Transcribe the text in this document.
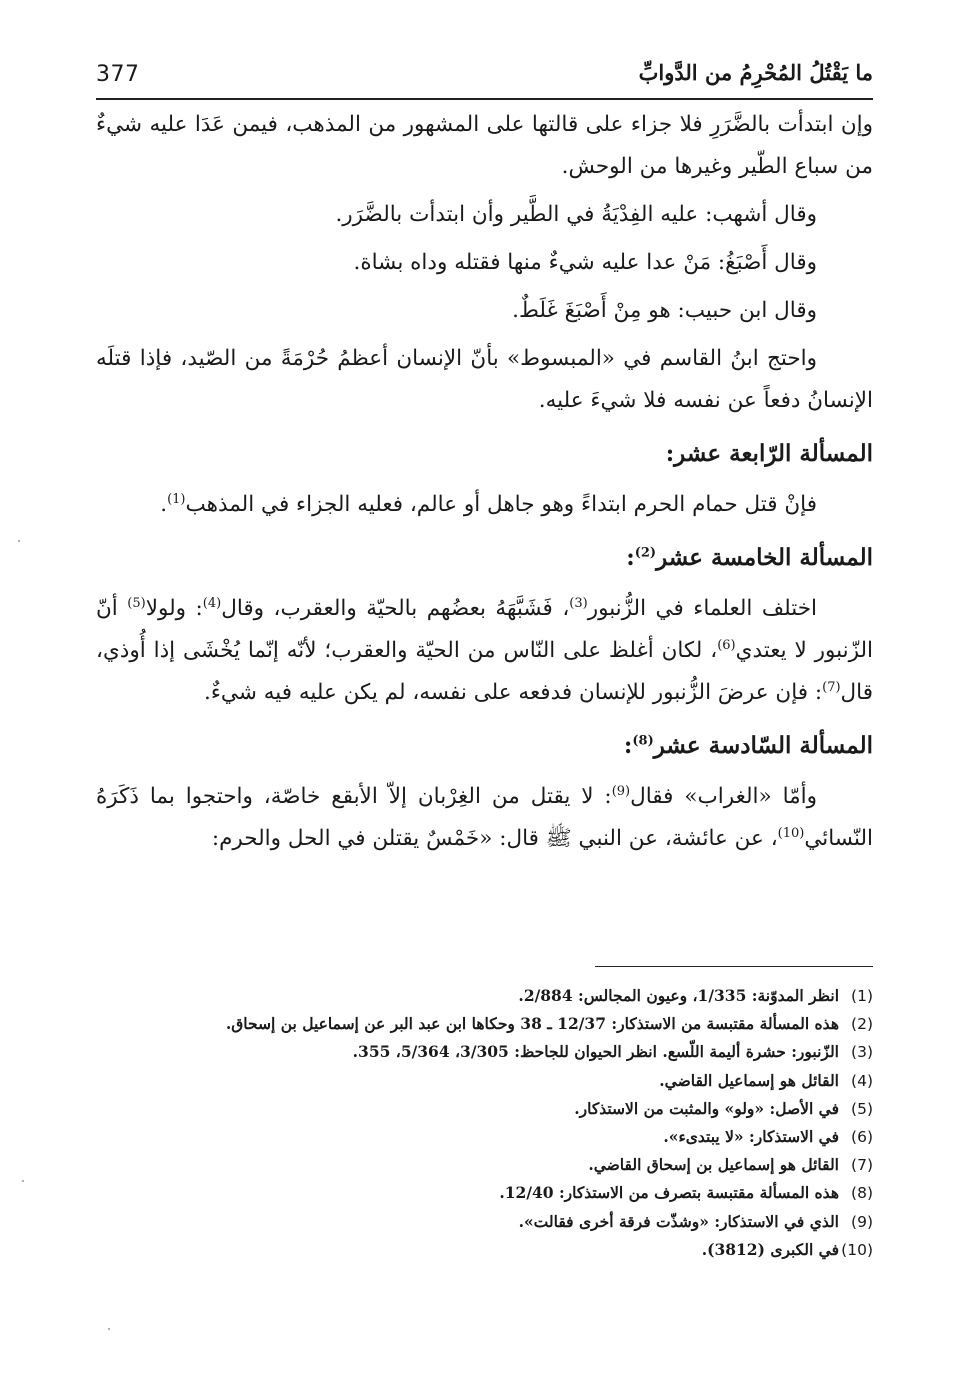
377	ما يَقْتُلُ المُحْرِمُ من الدَّوابِّ

وإن ابتدأت بالضَّرَرِ فلا جزاء على قالتها على المشهور من المذهب، فيمن عَدَا عليه شيءٌ من سباع الطّير وغيرها من الوحش.

وقال أشهب: عليه الفِدْيَةُ في الطَّير وأن ابتدأت بالضَّرَر.

وقال أَصْبَغُ: مَنْ عدا عليه شيءٌ منها فقتله وداه بشاة.

وقال ابن حبيب: هو مِنْ أَصْبَغَ غَلَطٌ.

واحتج ابنُ القاسم في «المبسوط» بأنّ الإنسان أعظمُ حُرْمَةً من الصّيد، فإذا قتلَه الإنسانُ دفعاً عن نفسه فلا شيءَ عليه.

المسألة الرّابعة عشر:

فإنْ قتل حمام الحرم ابتداءً وهو جاهل أو عالم، فعليه الجزاء في المذهب$^{(1)}$.

المسألة الخامسة عشر$^{(2)}$:

اختلف العلماء في الزُّنبور$^{(3)}$، فَشَبَّهَهُ بعضُهم بالحيّة والعقرب، وقال$^{(4)}$: ولولا$^{(5)}$ أنّ الزّنبور لا يعتدي$^{(6)}$، لكان أغلظ على النّاس من الحيّة والعقرب؛ لأنّه إنّما يُخْشَى إذا أُوذي، قال$^{(7)}$: فإن عرضَ الزُّنبور للإنسان فدفعه على نفسه، لم يكن عليه فيه شيءٌ.

المسألة السّادسة عشر$^{(8)}$:

وأمّا «الغراب» فقال$^{(9)}$: لا يقتل من الغِرْبان إلاّ الأبقع خاصّة، واحتجوا بما ذَكَرَهُ النّسائي$^{(10)}$، عن عائشة، عن النبي ﷺ قال: «خَمْسٌ يقتلن في الحل والحرم:

(1)انظر المدوّنة: 1/335، وعيون المجالس: 2/884.

(2)هذه المسألة مقتبسة من الاستذكار: 12/37 ـ 38 وحكاها ابن عبد البر عن إسماعيل بن إسحاق.

(3)الزّنبور: حشرة أليمة اللّسع. انظر الحيوان للجاحظ: 3/305، 5/364، 355.

(4)القائل هو إسماعيل القاضي.

(5)في الأصل: «ولو» والمثبت من الاستذكار.

(6)في الاستذكار: «لا يبتدىء».

(7)القائل هو إسماعيل بن إسحاق القاضي.

(8)هذه المسألة مقتبسة بتصرف من الاستذكار: 12/40.

(9)الذي في الاستذكار: «وشذّت فرقة أخرى فقالت».

(10)في الكبرى (3812).
